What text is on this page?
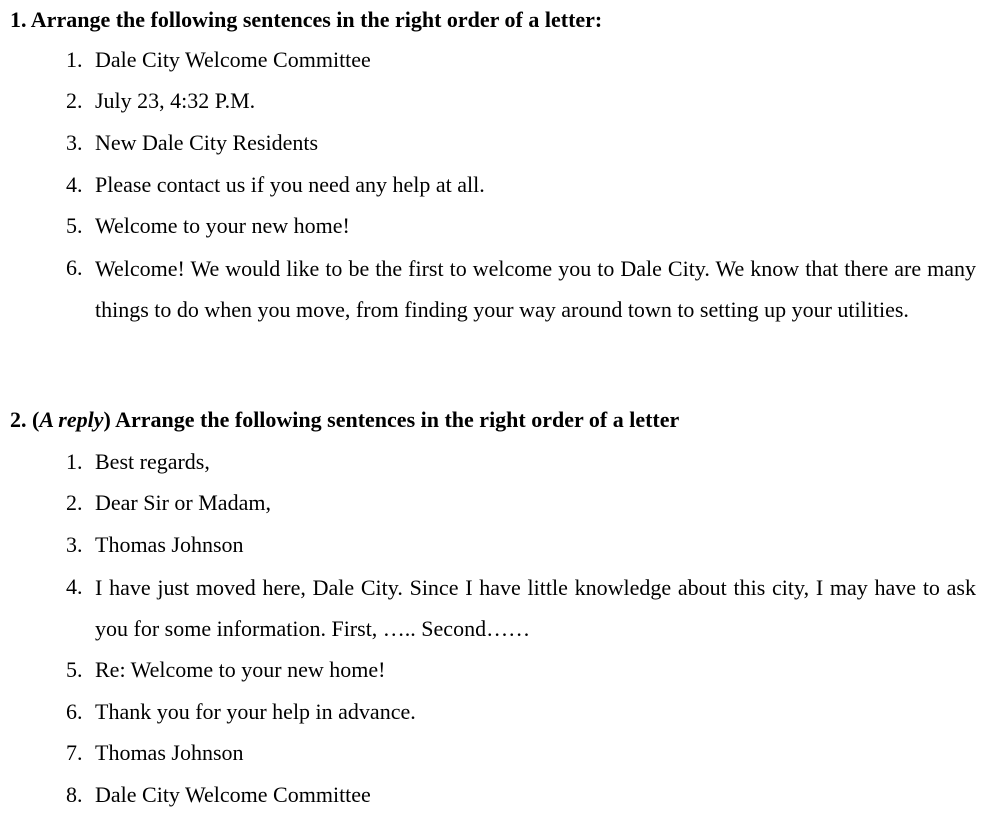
1. Arrange the following sentences in the right order of a letter:
1. Dale City Welcome Committee
2. July 23, 4:32 P.M.
3. New Dale City Residents
4. Please contact us if you need any help at all.
5. Welcome to your new home!
6. Welcome! We would like to be the first to welcome you to Dale City. We know that there are many things to do when you move, from finding your way around town to setting up your utilities.
2. (A reply) Arrange the following sentences in the right order of a letter
1. Best regards,
2. Dear Sir or Madam,
3. Thomas Johnson
4. I have just moved here, Dale City. Since I have little knowledge about this city, I may have to ask you for some information. First, ….. Second……
5. Re: Welcome to your new home!
6. Thank you for your help in advance.
7. Thomas Johnson
8. Dale City Welcome Committee
